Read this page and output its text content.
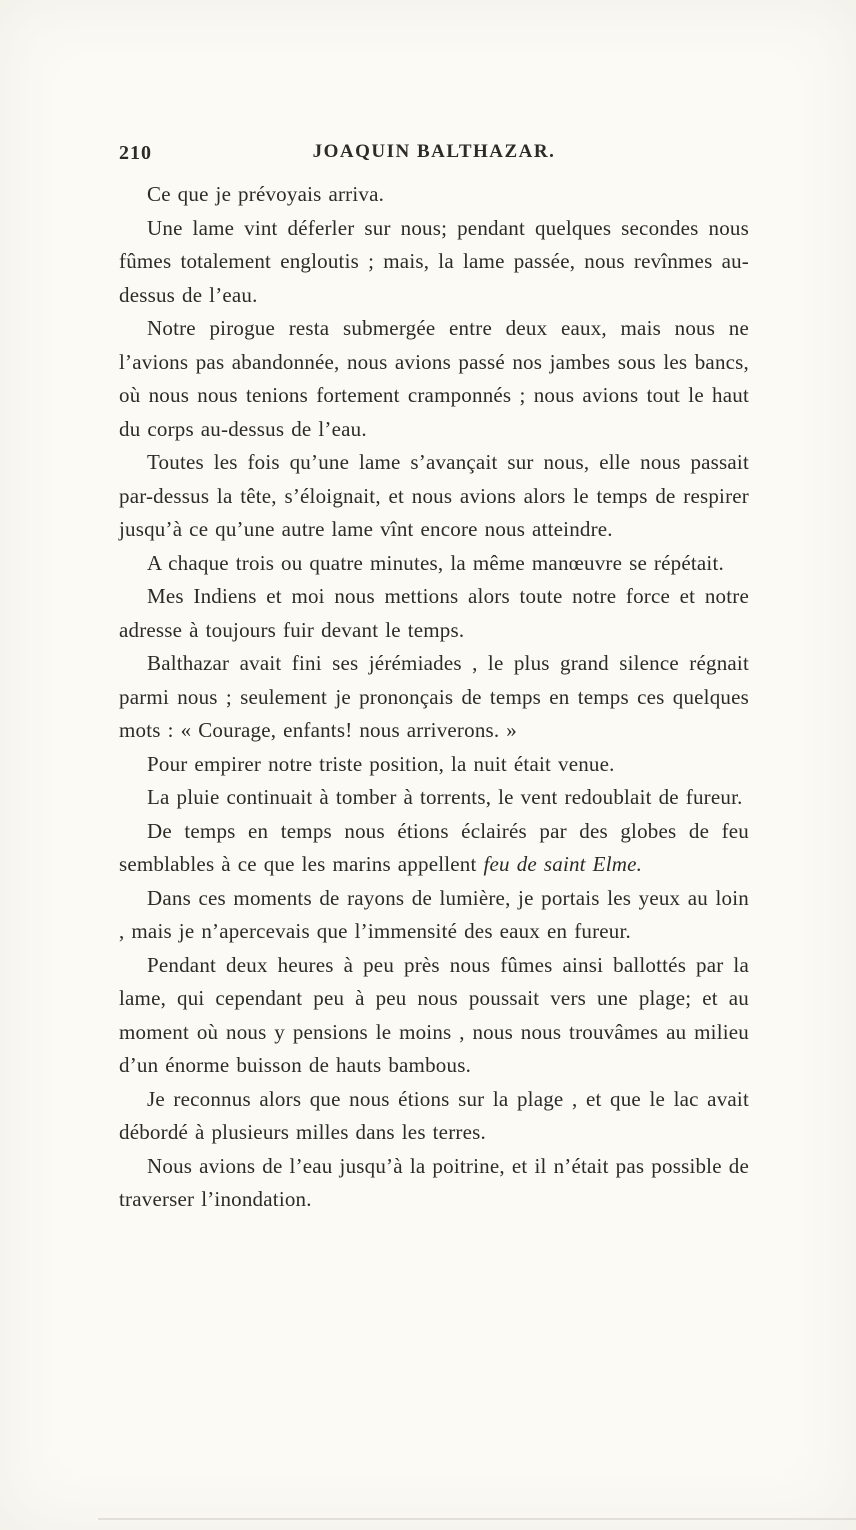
210	JOAQUIN BALTHAZAR.

Ce que je prévoyais arriva.

Une lame vint déferler sur nous; pendant quelques secondes nous fûmes totalement engloutis ; mais, la lame passée, nous revînmes au-dessus de l’eau.

Notre pirogue resta submergée entre deux eaux, mais nous ne l’avions pas abandonnée, nous avions passé nos jambes sous les bancs, où nous nous tenions fortement cramponnés ; nous avions tout le haut du corps au-dessus de l’eau.

Toutes les fois qu’une lame s’avançait sur nous, elle nous passait par-dessus la tête, s’éloignait, et nous avions alors le temps de respirer jusqu’à ce qu’une autre lame vînt encore nous atteindre.

A chaque trois ou quatre minutes, la même manœuvre se répétait.

Mes Indiens et moi nous mettions alors toute notre force et notre adresse à toujours fuir devant le temps.

Balthazar avait fini ses jérémiades , le plus grand silence régnait parmi nous ; seulement je prononçais de temps en temps ces quelques mots : « Courage, enfants! nous arriverons. »

Pour empirer notre triste position, la nuit était venue.

La pluie continuait à tomber à torrents, le vent redoublait de fureur.

De temps en temps nous étions éclairés par des globes de feu semblables à ce que les marins appellent feu de saint Elme.

Dans ces moments de rayons de lumière, je portais les yeux au loin , mais je n’apercevais que l’immensité des eaux en fureur.

Pendant deux heures à peu près nous fûmes ainsi ballottés par la lame, qui cependant peu à peu nous poussait vers une plage; et au moment où nous y pensions le moins , nous nous trouvâmes au milieu d’un énorme buisson de hauts bambous.

Je reconnus alors que nous étions sur la plage , et que le lac avait débordé à plusieurs milles dans les terres.

Nous avions de l’eau jusqu’à la poitrine, et il n’était pas possible de traverser l’inondation.
